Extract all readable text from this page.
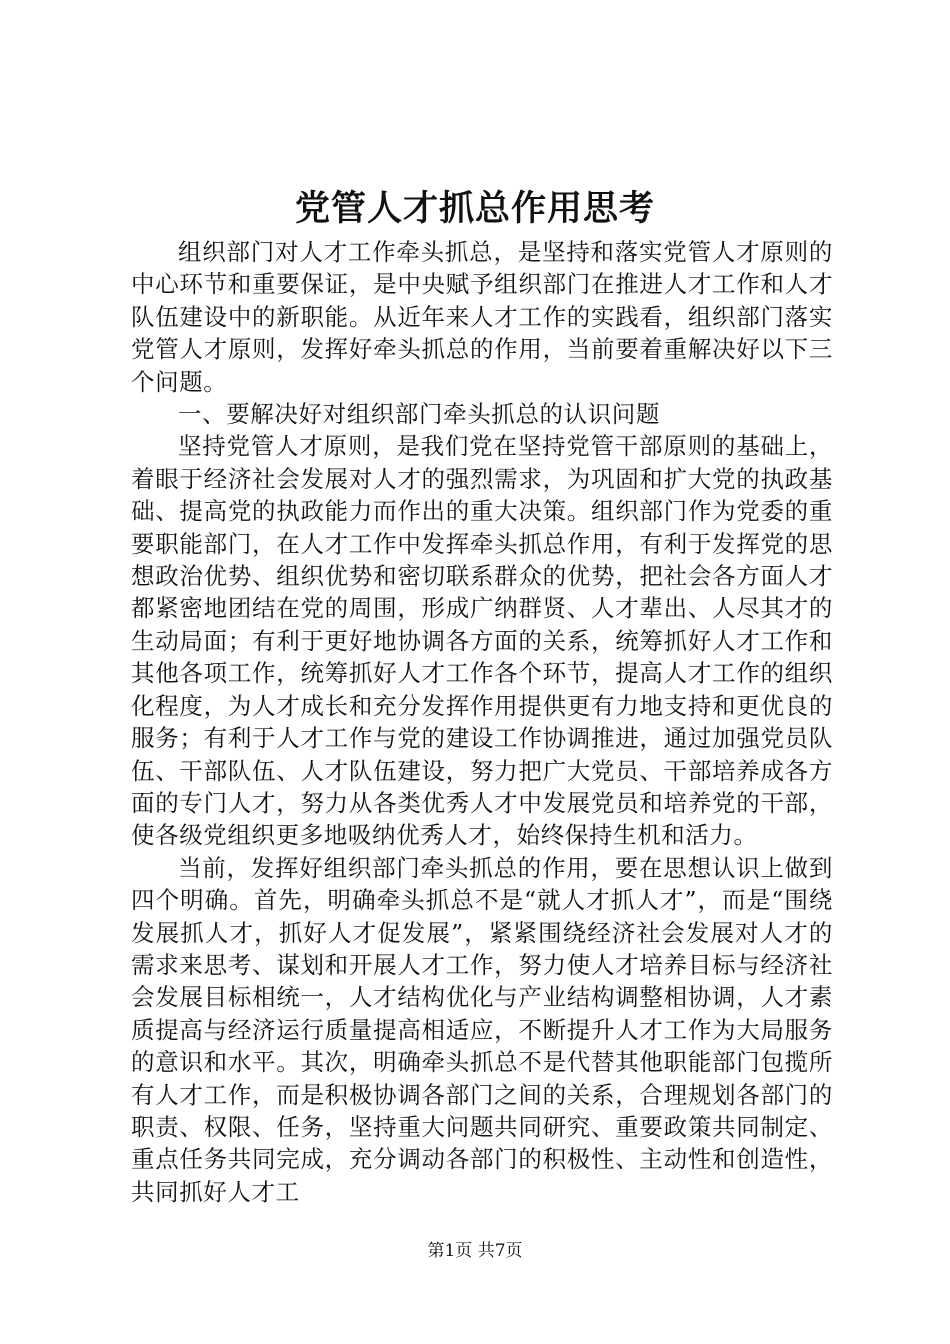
党管人才抓总作用思考

组织部门对人才工作牵头抓总，是坚持和落实党管人才原则的中心环节和重要保证，是中央赋予组织部门在推进人才工作和人才队伍建设中的新职能。从近年来人才工作的实践看，组织部门落实党管人才原则，发挥好牵头抓总的作用，当前要着重解决好以下三个问题。

一、要解决好对组织部门牵头抓总的认识问题

坚持党管人才原则，是我们党在坚持党管干部原则的基础上，着眼于经济社会发展对人才的强烈需求，为巩固和扩大党的执政基础、提高党的执政能力而作出的重大决策。组织部门作为党委的重要职能部门，在人才工作中发挥牵头抓总作用，有利于发挥党的思想政治优势、组织优势和密切联系群众的优势，把社会各方面人才都紧密地团结在党的周围，形成广纳群贤、人才辈出、人尽其才的生动局面；有利于更好地协调各方面的关系，统筹抓好人才工作和其他各项工作，统筹抓好人才工作各个环节，提高人才工作的组织化程度，为人才成长和充分发挥作用提供更有力地支持和更优良的服务；有利于人才工作与党的建设工作协调推进，通过加强党员队伍、干部队伍、人才队伍建设，努力把广大党员、干部培养成各方面的专门人才，努力从各类优秀人才中发展党员和培养党的干部，使各级党组织更多地吸纳优秀人才，始终保持生机和活力。

当前，发挥好组织部门牵头抓总的作用，要在思想认识上做到四个明确。首先，明确牵头抓总不是“就人才抓人才”，而是“围绕发展抓人才，抓好人才促发展”，紧紧围绕经济社会发展对人才的需求来思考、谋划和开展人才工作，努力使人才培养目标与经济社会发展目标相统一，人才结构优化与产业结构调整相协调，人才素质提高与经济运行质量提高相适应，不断提升人才工作为大局服务的意识和水平。其次，明确牵头抓总不是代替其他职能部门包揽所有人才工作，而是积极协调各部门之间的关系，合理规划各部门的职责、权限、任务，坚持重大问题共同研究、重要政策共同制定、重点任务共同完成，充分调动各部门的积极性、主动性和创造性，共同抓好人才工

第1页 共7页
